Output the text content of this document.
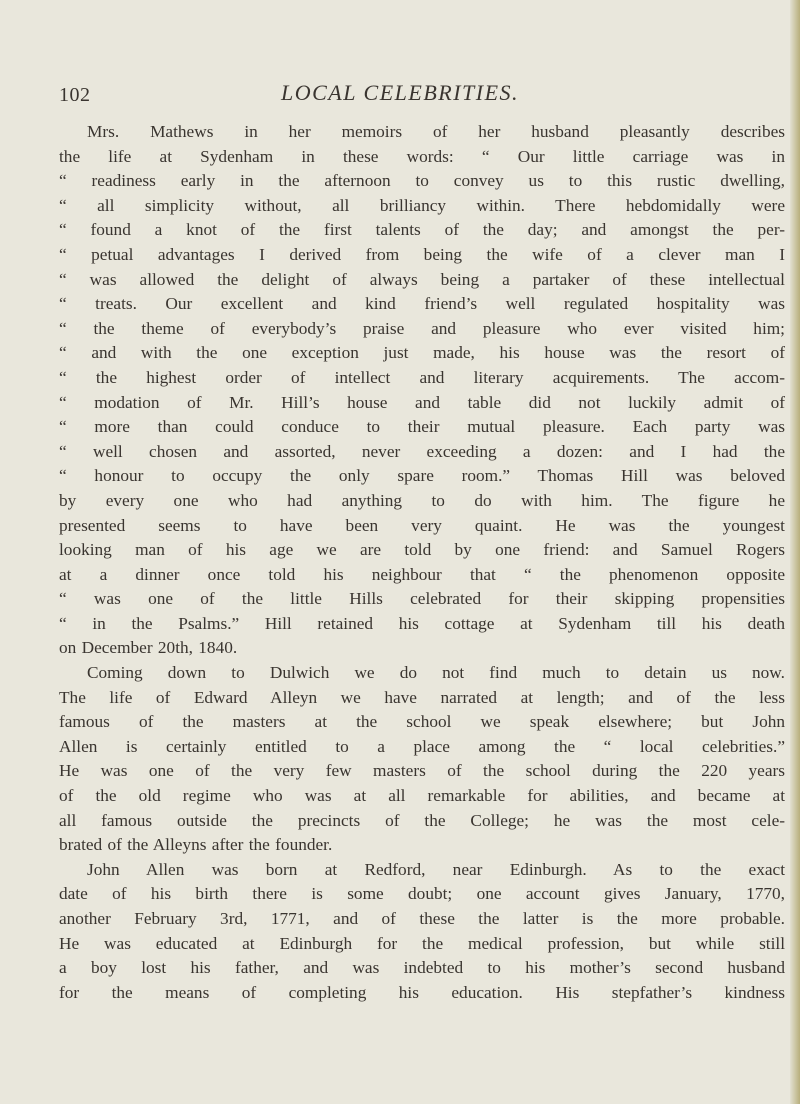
102	LOCAL CELEBRITIES.
Mrs. Mathews in her memoirs of her husband pleasantly describes
the life at Sydenham in these words: “ Our little carriage was in
“ readiness early in the afternoon to convey us to this rustic dwelling,
“ all simplicity without, all brilliancy within. There hebdomidally were
“ found a knot of the first talents of the day; and amongst the per-
“ petual advantages I derived from being the wife of a clever man I
“ was allowed the delight of always being a partaker of these intellectual
“ treats. Our excellent and kind friend’s well regulated hospitality was
“ the theme of everybody’s praise and pleasure who ever visited him;
“ and with the one exception just made, his house was the resort of
“ the highest order of intellect and literary acquirements. The accom-
“ modation of Mr. Hill’s house and table did not luckily admit of
“ more than could conduce to their mutual pleasure. Each party was
“ well chosen and assorted, never exceeding a dozen: and I had the
“ honour to occupy the only spare room.” Thomas Hill was beloved
by every one who had anything to do with him. The figure he
presented seems to have been very quaint. He was the youngest
looking man of his age we are told by one friend: and Samuel Rogers
at a dinner once told his neighbour that “ the phenomenon opposite
“ was one of the little Hills celebrated for their skipping propensities
“ in the Psalms.” Hill retained his cottage at Sydenham till his death
on December 20th, 1840.
Coming down to Dulwich we do not find much to detain us now.
The life of Edward Alleyn we have narrated at length; and of the less
famous of the masters at the school we speak elsewhere; but John
Allen is certainly entitled to a place among the “ local celebrities.”
He was one of the very few masters of the school during the 220 years
of the old regime who was at all remarkable for abilities, and became at
all famous outside the precincts of the College; he was the most cele-
brated of the Alleyns after the founder.
John Allen was born at Redford, near Edinburgh. As to the exact
date of his birth there is some doubt; one account gives January, 1770,
another February 3rd, 1771, and of these the latter is the more probable.
He was educated at Edinburgh for the medical profession, but while still
a boy lost his father, and was indebted to his mother’s second husband
for the means of completing his education. His stepfather’s kindness
